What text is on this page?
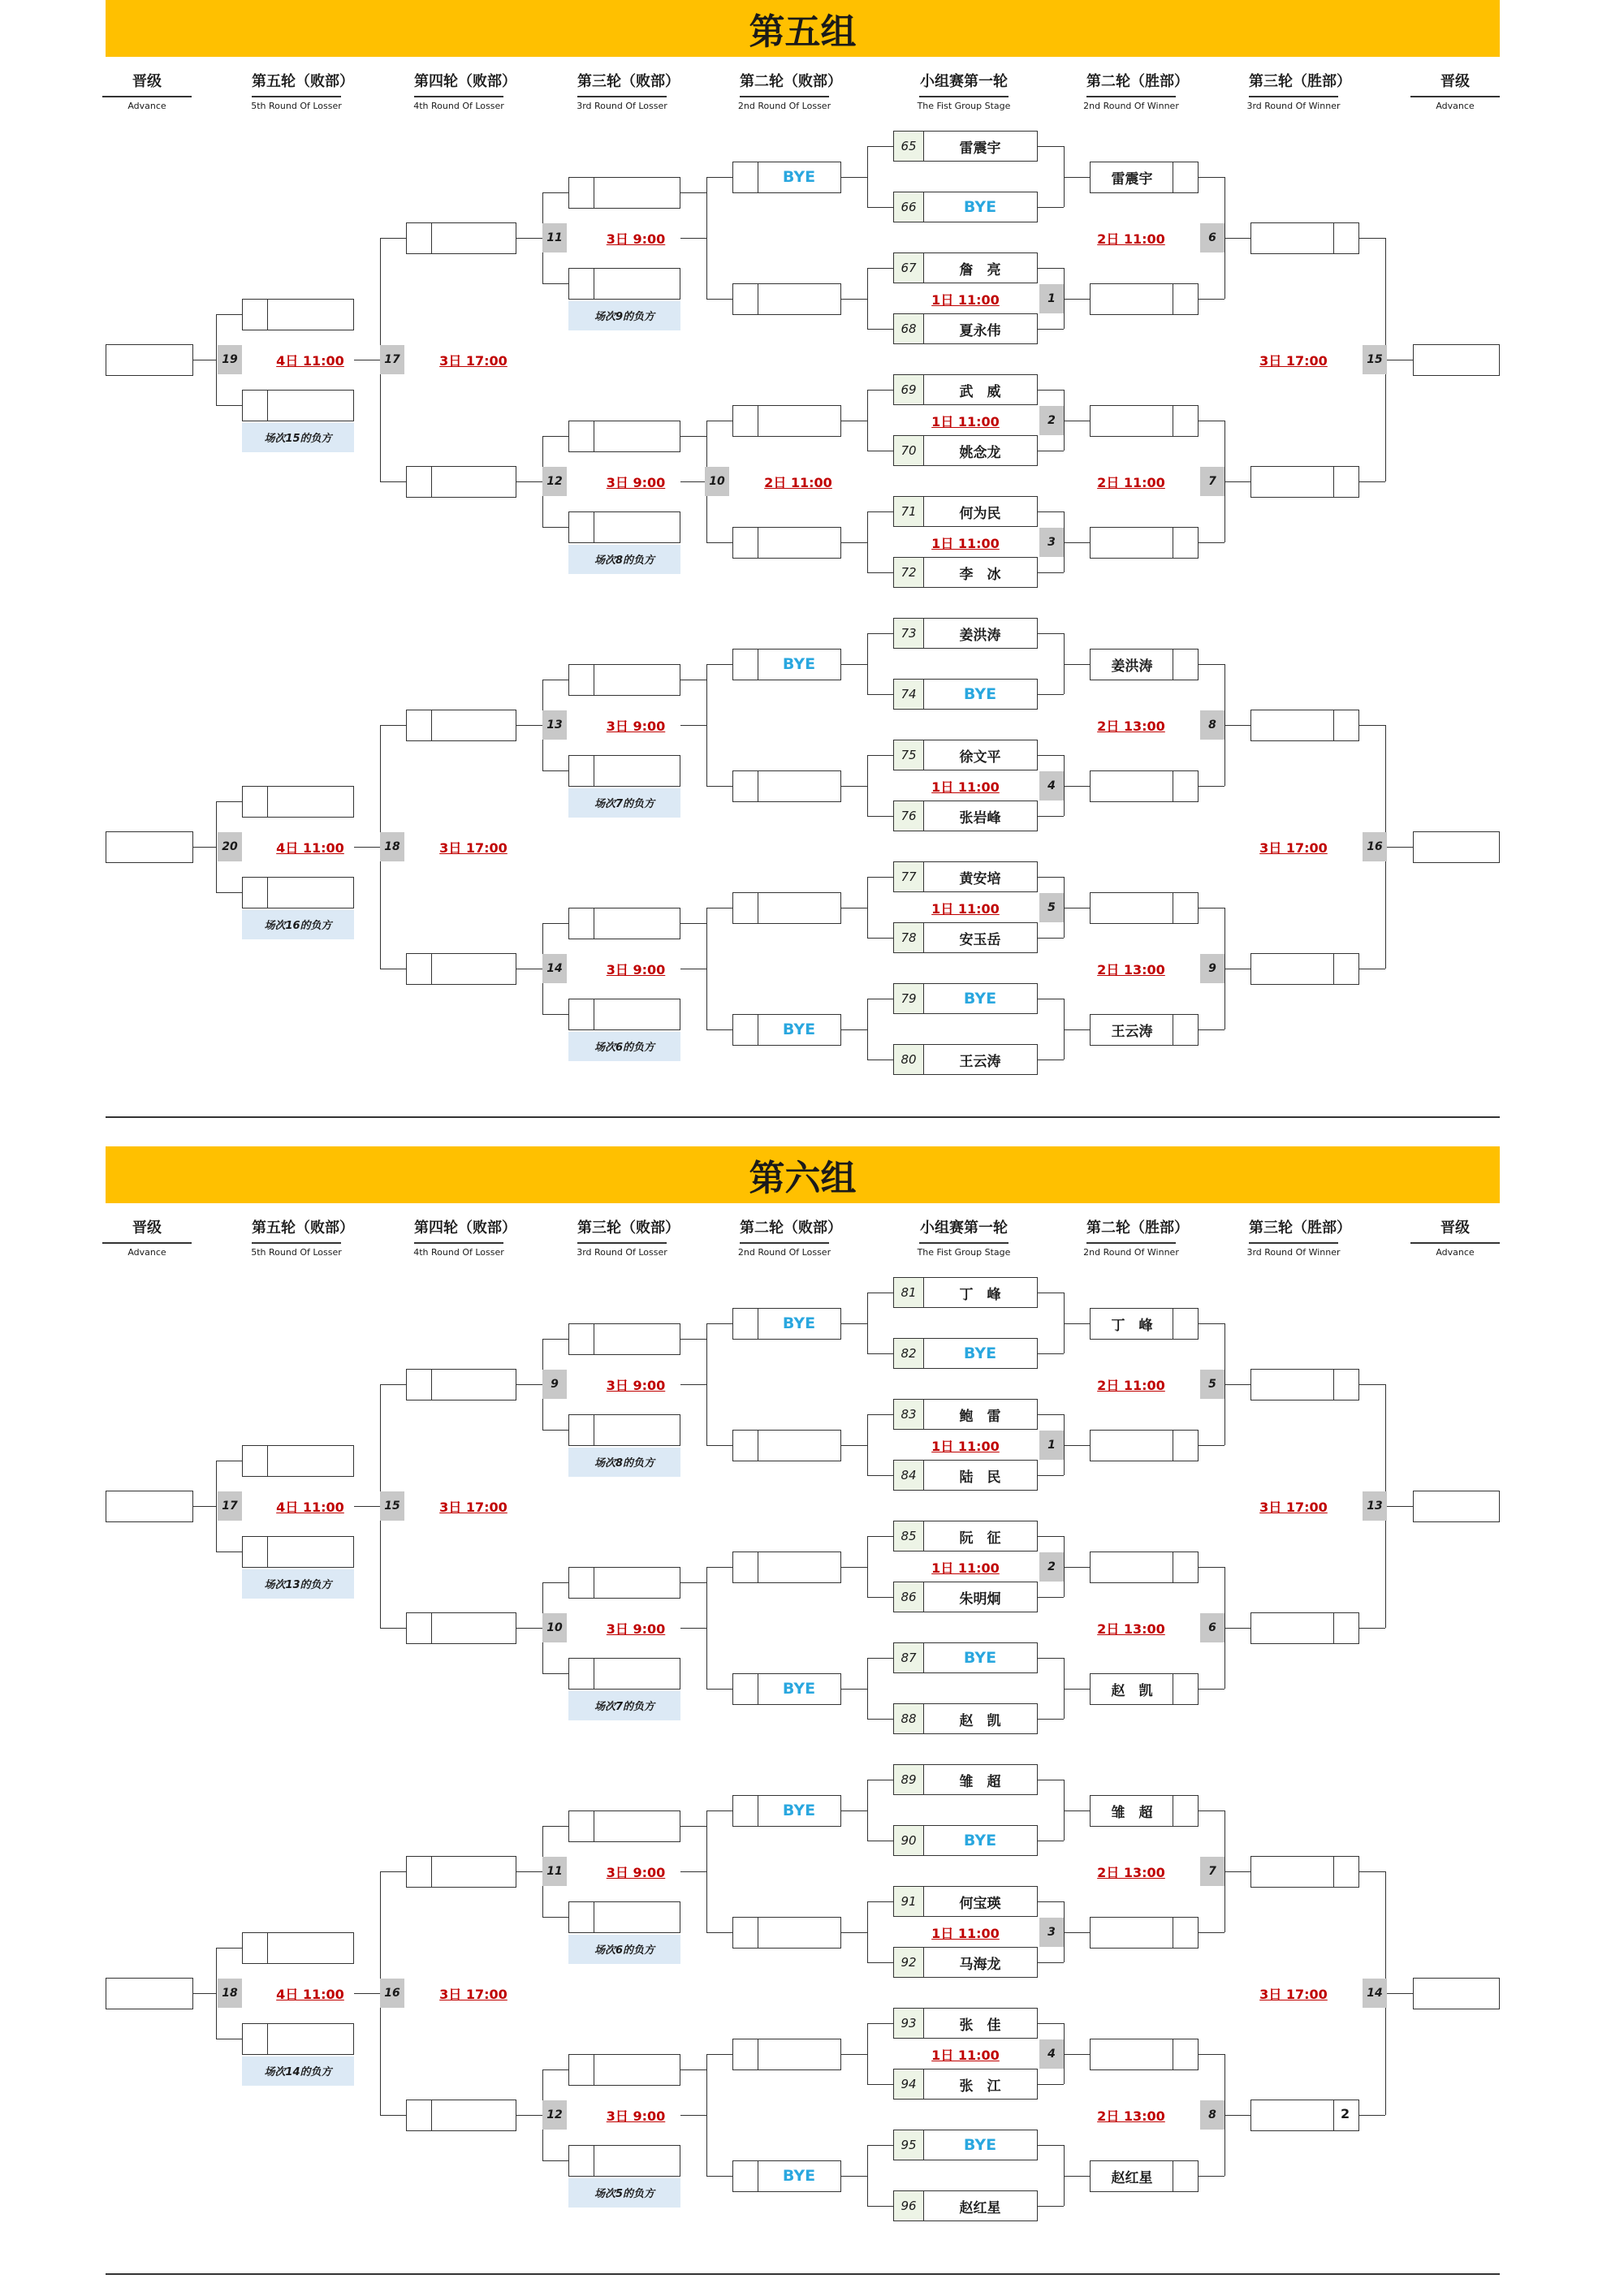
第五组
晋级
Advance
第五轮（败部）
5th Round Of Losser
第四轮（败部）
4th Round Of Losser
第三轮（败部）
3rd Round Of Losser
第二轮（败部）
2nd Round Of Losser
小组赛第一轮
The Fist Group Stage
第二轮（胜部）
2nd Round Of Winner
第三轮（胜部）
3rd Round Of Winner
晋级
Advance
65	雷震宇
66	BYE
67	詹　亮
68	夏永伟
69	武　威
70	姚念龙
71	何为民
72	李　冰
73	姜洪涛
74	BYE
75	徐文平
76	张岩峰
77	黄安培
78	安玉岳
79	BYE
80	王云涛
1
1日 11:00
2
1日 11:00
3
1日 11:00
4
1日 11:00
5
1日 11:00
雷震宇
6
2日 11:00
7
2日 11:00
姜洪涛
8
2日 13:00
王云涛
9
2日 13:00
15
3日 17:00
16
3日 17:00
BYE
10	2日 11:00
BYE
BYE
场次9的负方
11	3日 9:00
场次8的负方
12	3日 9:00
场次7的负方
13	3日 9:00
场次6的负方
14	3日 9:00
17	3日 17:00
场次15的负方
19	4日 11:00
18	3日 17:00
场次16的负方
20	4日 11:00
第六组
晋级
Advance
第五轮（败部）
5th Round Of Losser
第四轮（败部）
4th Round Of Losser
第三轮（败部）
3rd Round Of Losser
第二轮（败部）
2nd Round Of Losser
小组赛第一轮
The Fist Group Stage
第二轮（胜部）
2nd Round Of Winner
第三轮（胜部）
3rd Round Of Winner
晋级
Advance
81	丁　峰
82	BYE
83	鲍　雷
84	陆　民
85	阮　征
86	朱明炯
87	BYE
88	赵　凯
89	雏　超
90	BYE
91	何宝瑛
92	马海龙
93	张　佳
94	张　江
95	BYE
96	赵红星
1
1日 11:00
2
1日 11:00
3
1日 11:00
4
1日 11:00
丁　峰
5
2日 11:00
赵　凯
6
2日 13:00
雏　超
7
2日 13:00
赵红星
8
2日 13:00
13
3日 17:00
2
14
3日 17:00
BYE
BYE
BYE
BYE
场次8的负方
9	3日 9:00
场次7的负方
10	3日 9:00
场次6的负方
11	3日 9:00
场次5的负方
12	3日 9:00
15	3日 17:00
场次13的负方
17	4日 11:00
16	3日 17:00
场次14的负方
18	4日 11:00
